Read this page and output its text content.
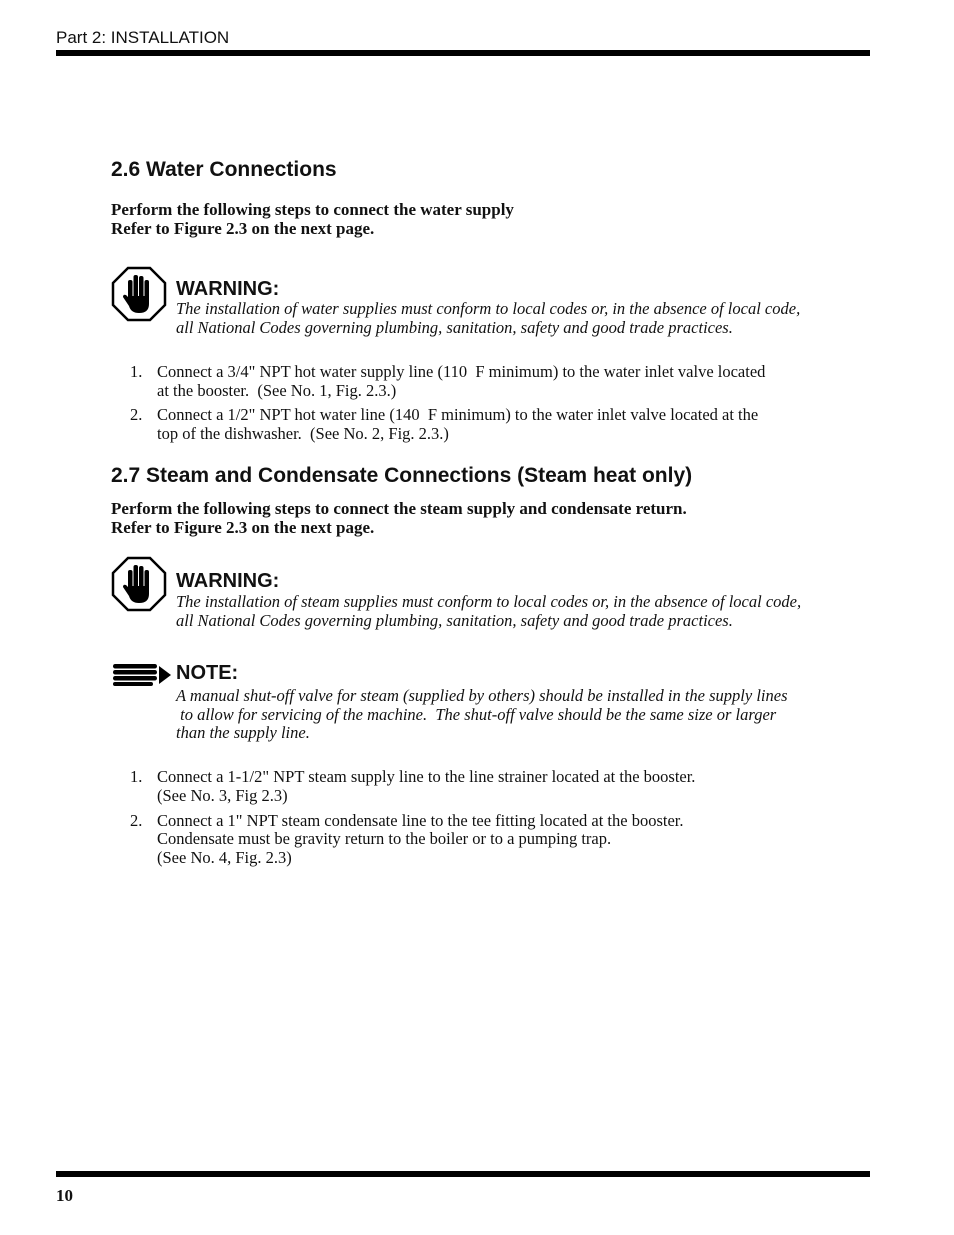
Part 2: INSTALLATION
2.6 Water Connections
Perform the following steps to connect the water supply
Refer to Figure 2.3 on the next page.
WARNING:
The installation of water supplies must conform to local codes or, in the absence of local code,
all National Codes governing plumbing, sanitation, safety and good trade practices.
1. Connect a 3/4" NPT hot water supply line (110  F minimum) to the water inlet valve located
at the booster.  (See No. 1, Fig. 2.3.)
2. Connect a 1/2" NPT hot water line (140  F minimum) to the water inlet valve located at the
top of the dishwasher.  (See No. 2, Fig. 2.3.)
2.7 Steam and Condensate Connections (Steam heat only)
Perform the following steps to connect the steam supply and condensate return.
Refer to Figure 2.3 on the next page.
WARNING:
The installation of steam supplies must conform to local codes or, in the absence of local code,
all National Codes governing plumbing, sanitation, safety and good trade practices.
NOTE:
A manual shut-off valve for steam (supplied by others) should be installed in the supply lines
to allow for servicing of the machine.  The shut-off valve should be the same size or larger
than the supply line.
1. Connect a 1-1/2" NPT steam supply line to the line strainer located at the booster.
(See No. 3, Fig 2.3)
2. Connect a 1" NPT steam condensate line to the tee fitting located at the booster.
Condensate must be gravity return to the boiler or to a pumping trap.
(See No. 4, Fig. 2.3)
10
